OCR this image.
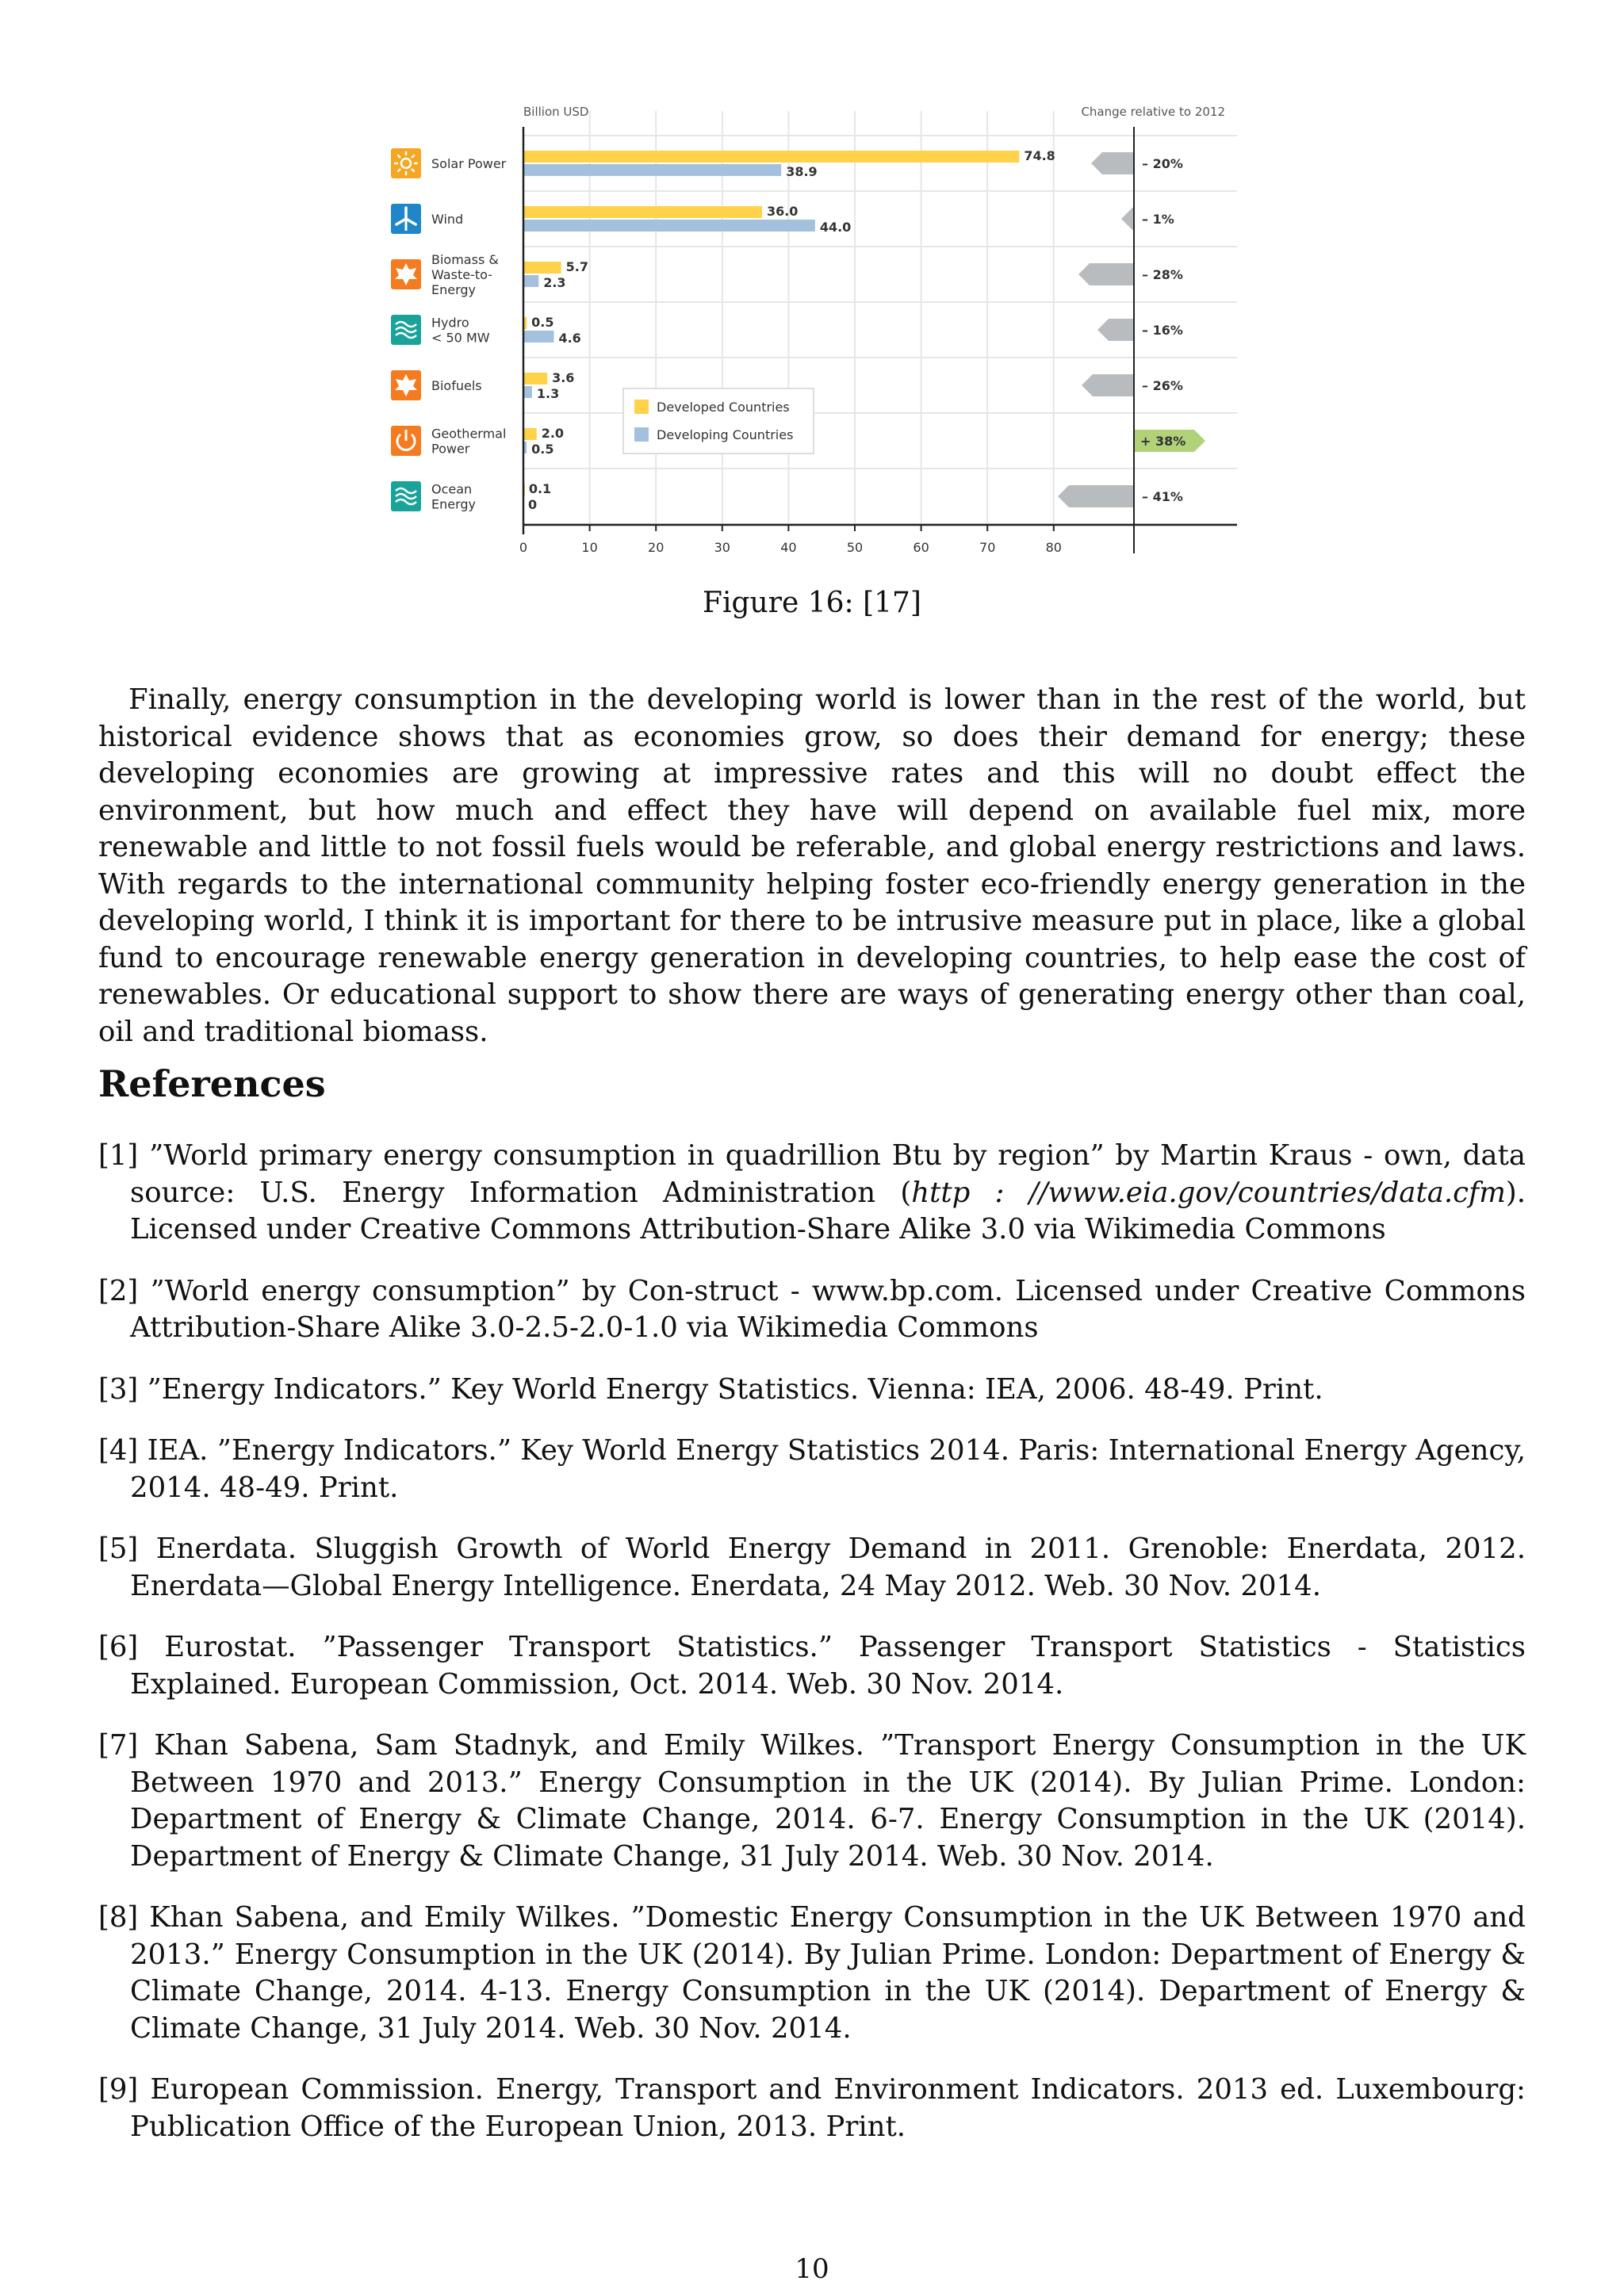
Billion USD	Change relative to 2012
Solar Power
74.8
38.9
– 20%
Wind
36.0
44.0
– 1%
Biomass &
Waste-to-
Energy
5.7
2.3
– 28%
Hydro
< 50 MW
0.5
4.6
– 16%
Biofuels
3.6
1.3
– 26%
Geothermal
Power
2.0
0.5
+ 38%
Ocean
Energy
0.1
0
– 41%
0	10	20	30	40	50	60	70	80
Developed Countries
Developing Countries
Figure 16: [17]

Finally, energy consumption in the developing world is lower than in the rest of the world, but historical evidence shows that as economies grow, so does their demand for energy; these developing economies are growing at impressive rates and this will no doubt effect the environment, but how much and effect they have will depend on available fuel mix, more renewable and little to not fossil fuels would be referable, and global energy restrictions and laws. With regards to the international community helping foster eco-friendly energy generation in the developing world, I think it is important for there to be intrusive measure put in place, like a global fund to encourage renewable energy generation in developing countries, to help ease the cost of renewables. Or educational support to show there are ways of generating energy other than coal, oil and traditional biomass.

References
[1] ”World primary energy consumption in quadrillion Btu by region” by Martin Kraus - own, data source: U.S. Energy Information Administration (http : //www.eia.gov/countries/data.cfm). Licensed under Creative Commons Attribution-Share Alike 3.0 via Wikimedia Commons
[2] ”World energy consumption” by Con-struct - www.bp.com. Licensed under Creative Commons Attribution-Share Alike 3.0-2.5-2.0-1.0 via Wikimedia Commons
[3] ”Energy Indicators.” Key World Energy Statistics. Vienna: IEA, 2006. 48-49. Print.
[4] IEA. ”Energy Indicators.” Key World Energy Statistics 2014. Paris: International Energy Agency, 2014. 48-49. Print.
[5] Enerdata. Sluggish Growth of World Energy Demand in 2011. Grenoble: Enerdata, 2012. Enerdata—Global Energy Intelligence. Enerdata, 24 May 2012. Web. 30 Nov. 2014.
[6] Eurostat. ”Passenger Transport Statistics.” Passenger Transport Statistics - Statistics Explained. European Commission, Oct. 2014. Web. 30 Nov. 2014.
[7] Khan Sabena, Sam Stadnyk, and Emily Wilkes. ”Transport Energy Consumption in the UK Between 1970 and 2013.” Energy Consumption in the UK (2014). By Julian Prime. London: Department of Energy & Climate Change, 2014. 6-7. Energy Consumption in the UK (2014). Department of Energy & Climate Change, 31 July 2014. Web. 30 Nov. 2014.
[8] Khan Sabena, and Emily Wilkes. ”Domestic Energy Consumption in the UK Between 1970 and 2013.” Energy Consumption in the UK (2014). By Julian Prime. London: Department of Energy & Climate Change, 2014. 4-13. Energy Consumption in the UK (2014). Department of Energy & Climate Change, 31 July 2014. Web. 30 Nov. 2014.
[9] European Commission. Energy, Transport and Environment Indicators. 2013 ed. Luxembourg: Publication Office of the European Union, 2013. Print.
10
